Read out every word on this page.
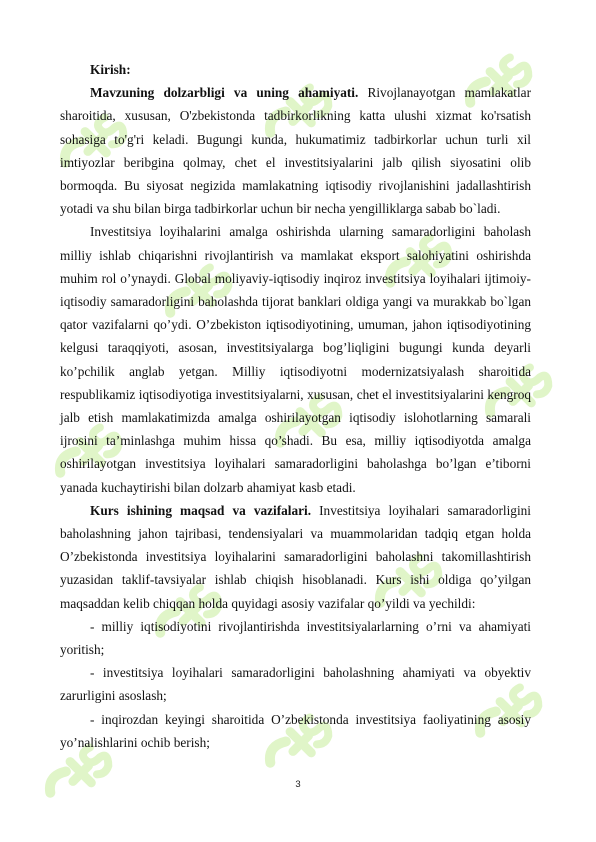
Kirish:

Mavzuning dolzarbligi va uning ahamiyati. Rivojlanayotgan mamlakatlar sharoitida, xususan, O'zbekistonda tadbirkorlikning katta ulushi xizmat ko'rsatish sohasiga to'g'ri keladi. Bugungi kunda, hukumatimiz tadbirkorlar uchun turli xil imtiyozlar beribgina qolmay, chet el investitsiyalarini jalb qilish siyosatini olib bormoqda. Bu siyosat negizida mamlakatning iqtisodiy rivojlanishini jadallashtirish yotadi va shu bilan birga tadbirkorlar uchun bir necha yengilliklarga sabab bo`ladi.

Investitsiya loyihalarini amalga oshirishda ularning samaradorligini baholash milliy ishlab chiqarishni rivojlantirish va mamlakat eksport salohiyatini oshirishda muhim rol o’ynaydi. Global moliyaviy-iqtisodiy inqiroz investitsiya loyihalari ijtimoiy-iqtisodiy samaradorligini baholashda tijorat banklari oldiga yangi va murakkab bo`lgan qator vazifalarni qo’ydi. O’zbekiston iqtisodiyotining, umuman, jahon iqtisodiyotining kelgusi taraqqiyoti, asosan, investitsiyalarga bog’liqligini bugungi kunda deyarli ko’pchilik anglab yetgan. Milliy iqtisodiyotni modernizatsiyalash sharoitida respublikamiz iqtisodiyotiga investitsiyalarni, xususan, chet el investitsiyalarini kengroq jalb etish mamlakatimizda amalga oshirilayotgan iqtisodiy islohotlarning samarali ijrosini ta’minlashga muhim hissa qo’shadi. Bu esa, milliy iqtisodiyotda amalga oshirilayotgan investitsiya loyihalari samaradorligini baholashga bo’lgan e’tiborni yanada kuchaytirishi bilan dolzarb ahamiyat kasb etadi.

Kurs ishining maqsad va vazifalari. Investitsiya loyihalari samaradorligini baholashning jahon tajribasi, tendensiyalari va muammolaridan tadqiq etgan holda O’zbekistonda investitsiya loyihalarini samaradorligini baholashni takomillashtirish yuzasidan taklif-tavsiyalar ishlab chiqish hisoblanadi. Kurs ishi oldiga qo’yilgan maqsaddan kelib chiqqan holda quyidagi asosiy vazifalar qo’yildi va yechildi:

- milliy iqtisodiyotini rivojlantirishda investitsiyalarlarning o’rni va ahamiyati yoritish;

- investitsiya loyihalari samaradorligini baholashning ahamiyati va obyektiv zarurligini asoslash;

- inqirozdan keyingi sharoitida O’zbekistonda investitsiya faoliyatining asosiy yo’nalishlarini ochib berish;

3
